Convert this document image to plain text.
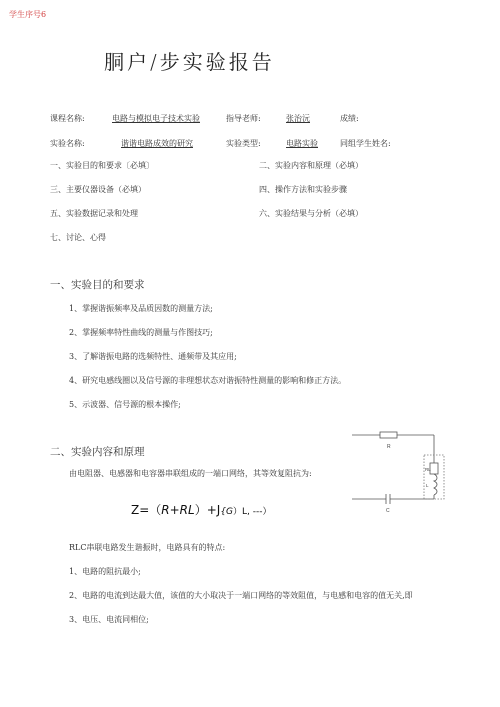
学生序号6
胴户/步实验报告
课程名称:	电路与模拟电子技术实验	指导老师:	张治沅	成绩:
实验名称:	谐谐电路成效的研究	实验类型:	电路实验	同组学生姓名:
一、实验目的和要求〔必填〕	二、实验内容和原理（必填）
三、主要仪器设备（必填）	四、操作方法和实验步骤
五、实验数据记录和处理	六、实验结果与分析（必填）
七、讨论、心得
一、实验目的和要求
1、掌握谐振频率及品质因数的测量方法;
2、掌握频率特性曲线的测量与作图技巧;
3、了解谐振电路的选频特性、通频带及其应用;
4、研究电感线圈以及信号源的非理想状态对谐振特性测量的影响和修正方法。
5、示波器、信号源的根本操作;
二、实验内容和原理
由电阻器、电感器和电容器串联组成的一端口网络，其等效复阻抗为:
Z=（R+RL）+J{G）L, ---）
RLC串联电路发生谐振时，电路具有的特点:
1、电路的阻抗最小;
2、电路的电流到达最大值，该值的大小取决于一端口网络的等效阻值，与电感和电容的值无关,即
3、电压、电流同相位;
R
RL
L
C
